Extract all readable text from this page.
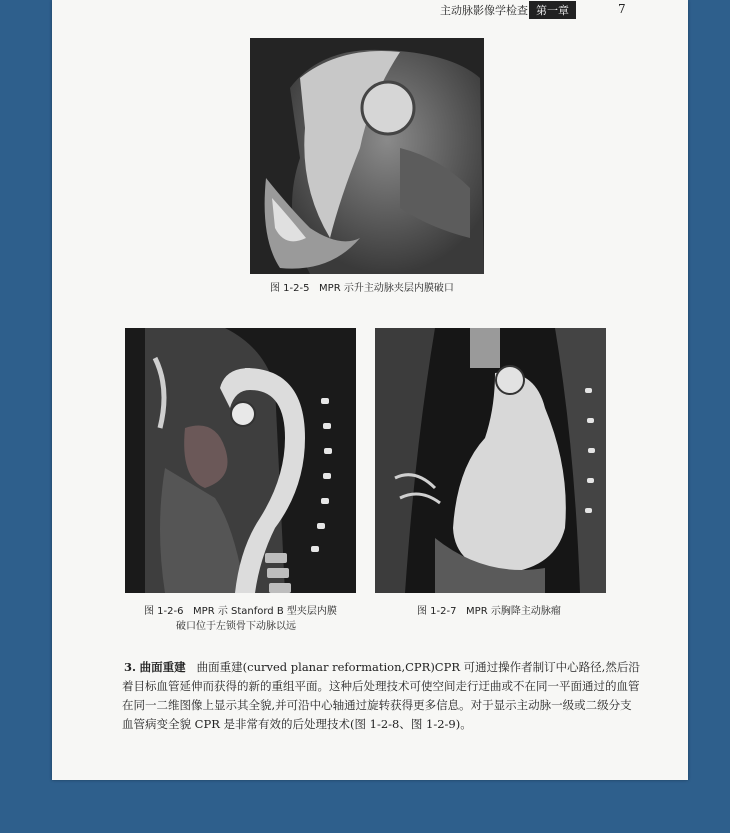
主动脉影像学检查 第一章	7
图 1-2-5 MPR 示升主动脉夹层内膜破口
图 1-2-6 MPR 示 Stanford B 型夹层内膜
破口位于左锁骨下动脉以远
图 1-2-7 MPR 示胸降主动脉瘤

3. 曲面重建 曲面重建(curved planar reformation,CPR)CPR 可通过操作者制订中心路径,然后沿着目标血管延伸而获得的新的重组平面。这种后处理技术可使空间走行迂曲或不在同一平面通过的血管在同一二维图像上显示其全貌,并可沿中心轴通过旋转获得更多信息。对于显示主动脉一级或二级分支血管病变全貌 CPR 是非常有效的后处理技术(图 1-2-8、图 1-2-9)。
